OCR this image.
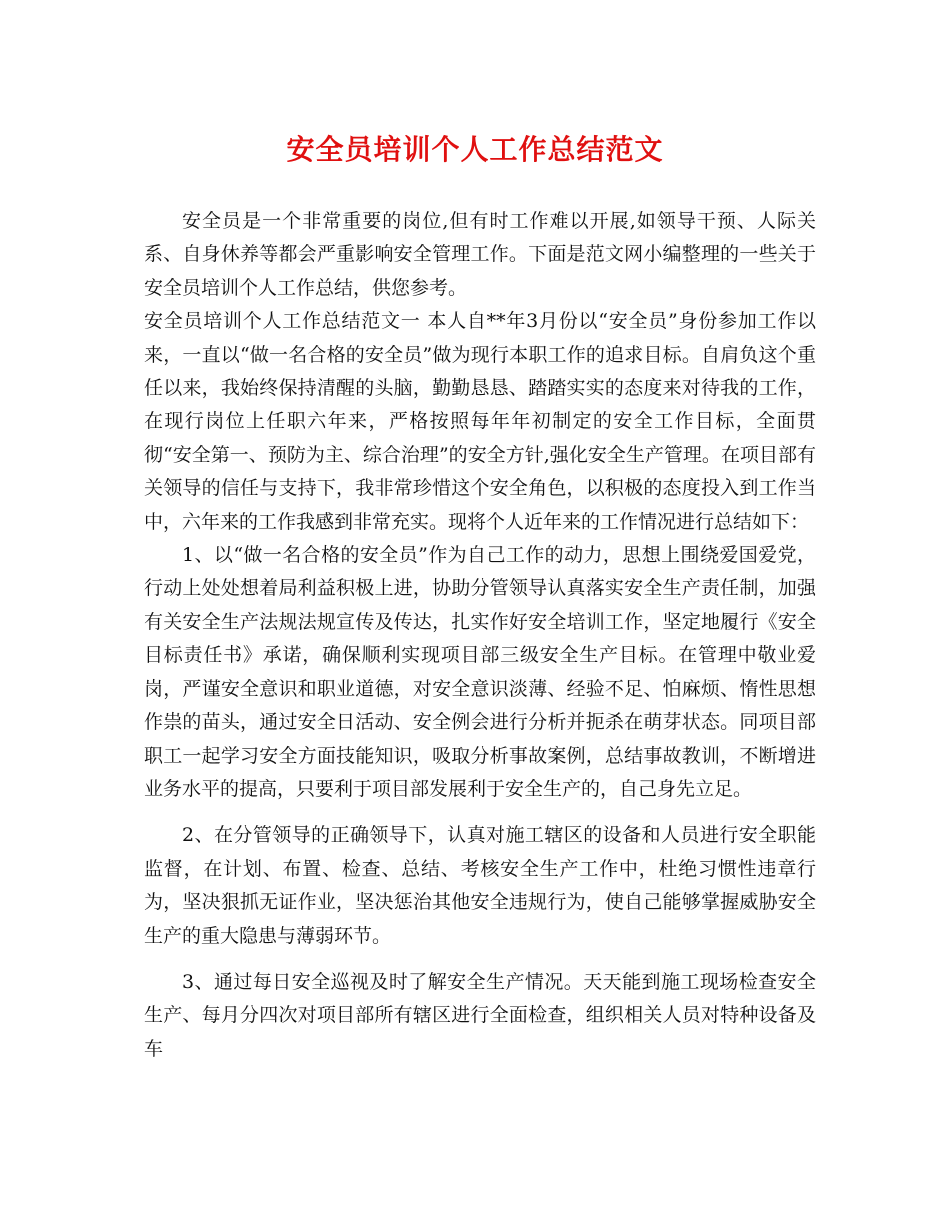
安全员培训个人工作总结范文

安全员是一个非常重要的岗位,但有时工作难以开展,如领导干预、人际关系、自身休养等都会严重影响安全管理工作。下面是范文网小编整理的一些关于安全员培训个人工作总结，供您参考。

安全员培训个人工作总结范文一 本人自**年3月份以“安全员”身份参加工作以来，一直以“做一名合格的安全员”做为现行本职工作的追求目标。自肩负这个重任以来，我始终保持清醒的头脑，勤勤恳恳、踏踏实实的态度来对待我的工作，在现行岗位上任职六年来，严格按照每年年初制定的安全工作目标，全面贯彻“安全第一、预防为主、综合治理”的安全方针,强化安全生产管理。在项目部有关领导的信任与支持下，我非常珍惜这个安全角色，以积极的态度投入到工作当中，六年来的工作我感到非常充实。现将个人近年来的工作情况进行总结如下：

1、以“做一名合格的安全员”作为自己工作的动力，思想上围绕爱国爱党，行动上处处想着局利益积极上进，协助分管领导认真落实安全生产责任制，加强有关安全生产法规法规宣传及传达，扎实作好安全培训工作，坚定地履行《安全目标责任书》承诺，确保顺利实现项目部三级安全生产目标。在管理中敬业爱岗，严谨安全意识和职业道德，对安全意识淡薄、经验不足、怕麻烦、惰性思想作祟的苗头，通过安全日活动、安全例会进行分析并扼杀在萌芽状态。同项目部职工一起学习安全方面技能知识，吸取分析事故案例，总结事故教训，不断增进业务水平的提高，只要利于项目部发展利于安全生产的，自己身先立足。

2、在分管领导的正确领导下，认真对施工辖区的设备和人员进行安全职能监督，在计划、布置、检查、总结、考核安全生产工作中，杜绝习惯性违章行为，坚决狠抓无证作业，坚决惩治其他安全违规行为，使自己能够掌握威胁安全生产的重大隐患与薄弱环节。

3、通过每日安全巡视及时了解安全生产情况。天天能到施工现场检查安全生产、每月分四次对项目部所有辖区进行全面检查，组织相关人员对特种设备及车
